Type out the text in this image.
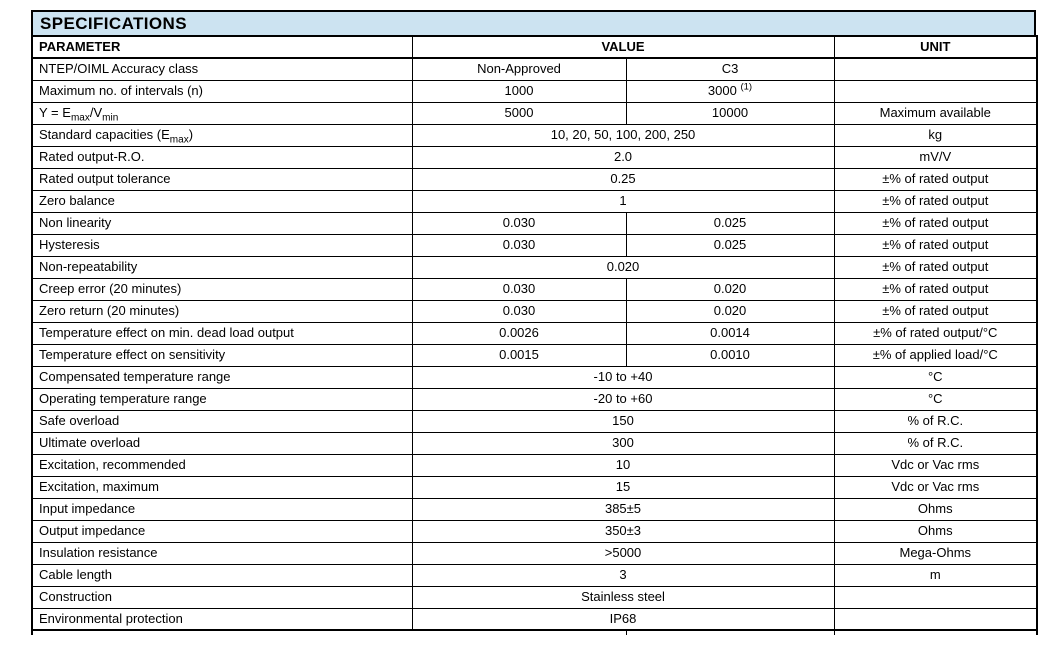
SPECIFICATIONS
PARAMETER	VALUE		UNIT
NTEP/OIML Accuracy class	Non-Approved	C3	
Maximum no. of intervals (n)	1000	3000 $^{(1)}$	
$Y = E_{max}/V_{min}$	5000	10000	Maximum available
Standard capacities $(E_{max})$	10, 20, 50, 100, 200, 250		kg
Rated output-R.O.	2.0		mV/V
Rated output tolerance	0.25		±% of rated output
Zero balance	1		±% of rated output
Non linearity	0.030	0.025	±% of rated output
Hysteresis	0.030	0.025	±% of rated output
Non-repeatability	0.020		±% of rated output
Creep error (20 minutes)	0.030	0.020	±% of rated output
Zero return (20 minutes)	0.030	0.020	±% of rated output
Temperature effect on min. dead load output	0.0026	0.0014	±% of rated output/°C
Temperature effect on sensitivity	0.0015	0.0010	±% of applied load/°C
Compensated temperature range	-10 to +40		°C
Operating temperature range	-20 to +60		°C
Safe overload	150		% of R.C.
Ultimate overload	300		% of R.C.
Excitation, recommended	10		Vdc or Vac rms
Excitation, maximum	15		Vdc or Vac rms
Input impedance	385±5		Ohms
Output impedance	350±3		Ohms
Insulation resistance	>5000		Mega-Ohms
Cable length	3		m
Construction	Stainless steel		
Environmental protection	IP68		
